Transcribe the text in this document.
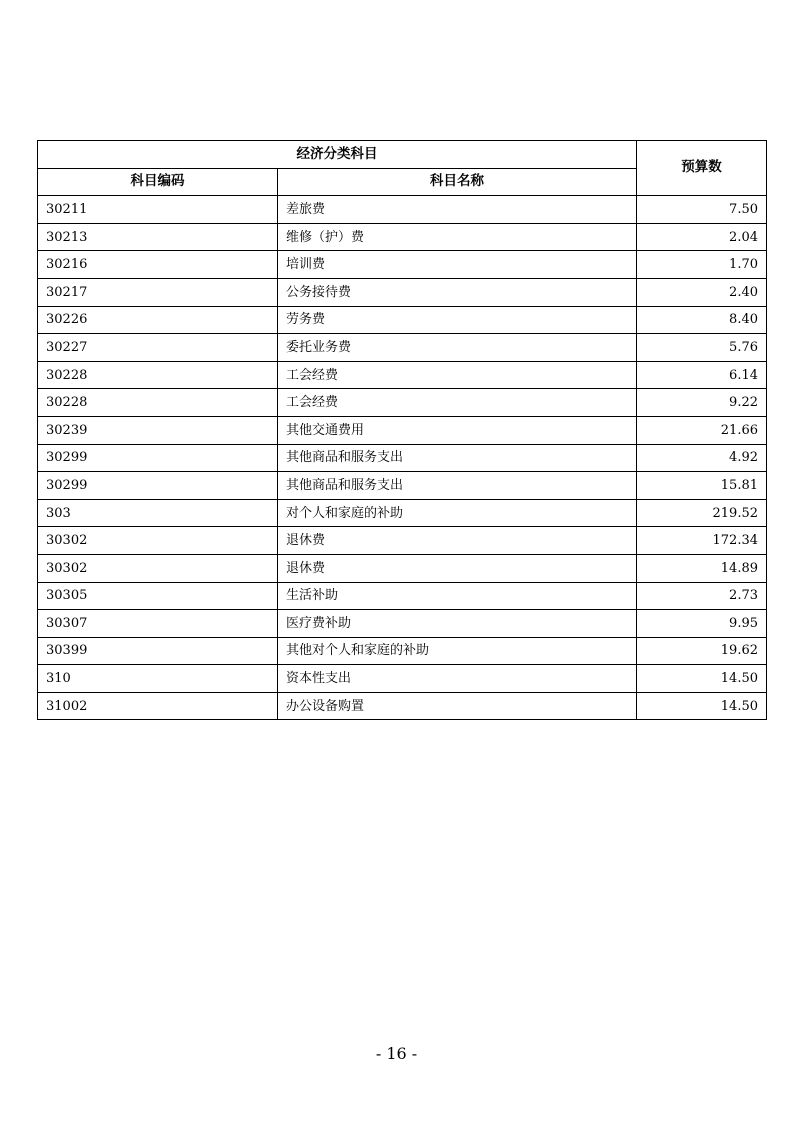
经济分类科目		预算数
科目编码	科目名称	
30211	差旅费	7.50
30213	维修（护）费	2.04
30216	培训费	1.70
30217	公务接待费	2.40
30226	劳务费	8.40
30227	委托业务费	5.76
30228	工会经费	6.14
30228	工会经费	9.22
30239	其他交通费用	21.66
30299	其他商品和服务支出	4.92
30299	其他商品和服务支出	15.81
303	对个人和家庭的补助	219.52
30302	退休费	172.34
30302	退休费	14.89
30305	生活补助	2.73
30307	医疗费补助	9.95
30399	其他对个人和家庭的补助	19.62
310	资本性支出	14.50
31002	办公设备购置	14.50
- 16 -
